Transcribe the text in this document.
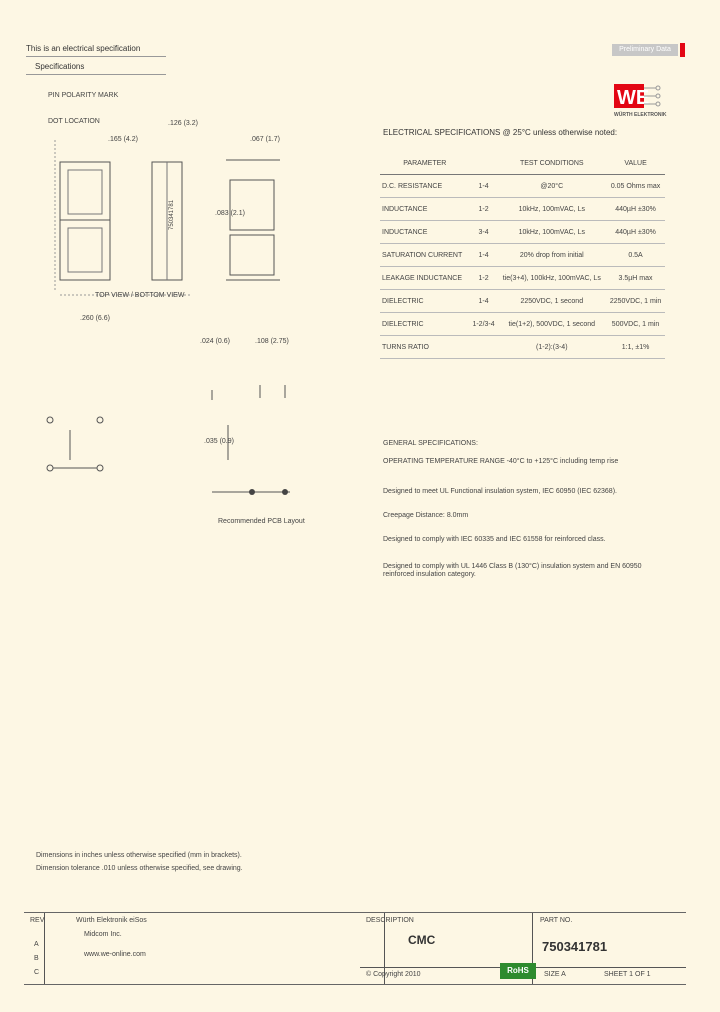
This is an electrical specification
Specifications
Preliminary Data
WE
WÜRTH ELEKTRONIK
PIN POLARITY MARK
DOT LOCATION
.165 (4.2)
.126 (3.2)
.067 (1.7)
.083 (2.1)
750341781
TOP VIEW / BOTTOM VIEW
.260 (6.6)
.024 (0.6)	.108 (2.75)
.035 (0.9)
Recommended PCB Layout
ELECTRICAL SPECIFICATIONS @ 25°C unless otherwise noted:
PARAMETER		TEST CONDITIONS	VALUE
D.C. RESISTANCE	1-4	@20°C	0.05 Ohms max
INDUCTANCE	1-2	10kHz, 100mVAC, Ls	440µH ±30%
INDUCTANCE	3-4	10kHz, 100mVAC, Ls	440µH ±30%
SATURATION CURRENT	1-4	20% drop from initial	0.5A
LEAKAGE INDUCTANCE	1-2	tie(3+4), 100kHz, 100mVAC, Ls	3.5µH max
DIELECTRIC	1-4	2250VDC, 1 second	2250VDC, 1 min
DIELECTRIC	1-2/3-4	tie(1+2), 500VDC, 1 second	500VDC, 1 min
TURNS RATIO		(1-2):(3-4)	1:1, ±1%
GENERAL SPECIFICATIONS:
OPERATING TEMPERATURE RANGE -40°C to +125°C including temp rise
Designed to meet UL Functional insulation system, IEC 60950 (IEC 62368).
Creepage Distance: 8.0mm
Designed to comply with IEC 60335 and IEC 61558 for reinforced class.
Designed to comply with UL 1446 Class B (130°C) insulation system and EN 60950 reinforced insulation category.
Dimensions in inches unless otherwise specified (mm in brackets).
Dimension tolerance .010 unless otherwise specified, see drawing.
REV
A
B
C
Würth Elektronik eiSos
Midcom Inc.
www.we-online.com
DESCRIPTION
CMC
PART NO.
750341781
© Copyright 2010	SIZE A	SHEET 1 OF 1
RoHS
